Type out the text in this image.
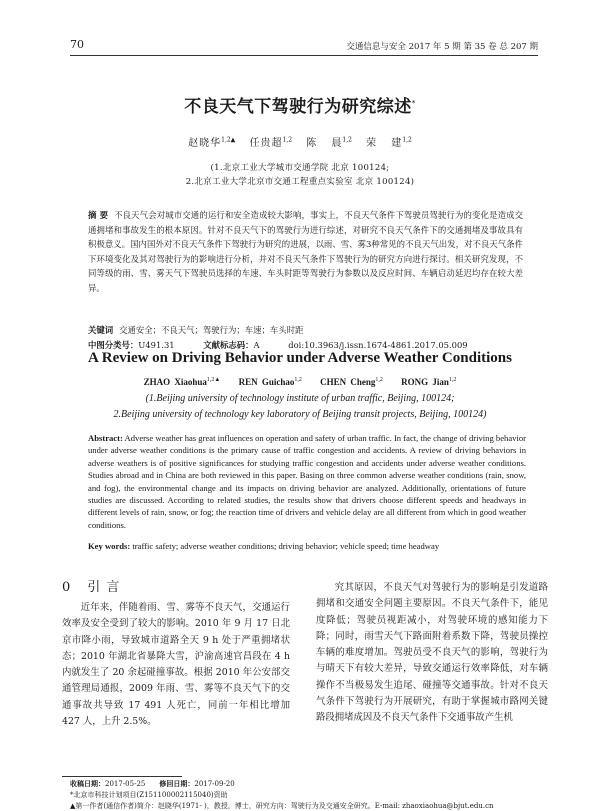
70	交通信息与安全 2017 年 5 期 第 35 卷 总 207 期
不良天气下驾驶行为研究综述*
赵晓华$^{1,2▲}$ 任贵超$^{1,2}$ 陈 晨$^{1,2}$ 荣 建$^{1,2}$
(1.北京工业大学城市交通学院 北京 100124;
2.北京工业大学北京市交通工程重点实验室 北京 100124)
摘 要 不良天气会对城市交通的运行和安全造成较大影响，事实上，不良天气条件下驾驶员驾驶行为的变化是造成交通拥堵和事故发生的根本原因。针对不良天气下的驾驶行为进行综述，对研究不良天气条件下的交通拥堵及事故具有积极意义。国内国外对不良天气条件下驾驶行为研究的进展，以雨、雪、雾3种常见的不良天气出发，对不良天气条件下环境变化及其对驾驶行为的影响进行分析，并对不良天气条件下驾驶行为的研究方向进行探讨。相关研究发现，不同等级的雨、雪、雾天气下驾驶员选择的车速、车头时距等驾驶行为参数以及反应时间、车辆启动延迟均存在较大差异。
关键词 交通安全；不良天气；驾驶行为；车速；车头时距
中图分类号：U491.31	文献标志码：A	doi:10.3963/j.issn.1674-4861.2017.05.009
A Review on Driving Behavior under Adverse Weather Conditions
ZHAO Xiaohua$^{1,2▲}$ REN Guichao$^{1,2}$ CHEN Cheng$^{1,2}$ RONG Jian$^{1,2}$
(1.Beijing university of technology institute of urban traffic, Beijing, 100124;
2.Beijing university of technology key laboratory of Beijing transit projects, Beijing, 100124)
Abstract: Adverse weather has great influences on operation and safety of urban traffic. In fact, the change of driving behavior under adverse weather conditions is the primary cause of traffic congestion and accidents. A review of driving behaviors in adverse weathers is of positive significances for studying traffic congestion and accidents under adverse weather conditions. Studies abroad and in China are both reviewed in this paper. Basing on three common adverse weather conditions (rain, snow, and fog), the environmental change and its impacts on driving behavior are analyzed. Additionally, orientations of future studies are discussed. According to related studies, the results show that drivers choose different speeds and headways in different levels of rain, snow, or fog; the reaction time of drivers and vehicle delay are all different from which in good weather conditions.
Key words: traffic safety; adverse weather conditions; driving behavior; vehicle speed; time headway
0 引 言
近年来，伴随着雨、雪、雾等不良天气，交通运行效率及安全受到了较大的影响。2010 年 9 月 17 日北京市降小雨，导致城市道路全天 9 h 处于严重拥堵状态；2010 年湖北省暴降大雪，沪渝高速官昌段在 4 h 内就发生了 20 余起碰撞事故。根据 2010 年公安部交通管理局通报，2009 年雨、雪、雾等不良天气下的交通事故共导致 17 491 人死亡，同前一年相比增加 427 人，上升 2.5%。
究其原因，不良天气对驾驶行为的影响是引发道路拥堵和交通安全问题主要原因。不良天气条件下，能见度降低；驾驶员视距减小，对驾驶环境的感知能力下降；同时，雨雪天气下路面附着系数下降，驾驶员操控车辆的难度增加。驾驶员受不良天气的影响，驾驶行为与晴天下有较大差异，导致交通运行效率降低，对车辆操作不当极易发生追尾、碰撞等交通事故。针对不良天气条件下驾驶行为开展研究，有助于掌握城市路网关键路段拥堵成因及不良天气条件下交通事故产生机
收稿日期：2017-05-25 修回日期：2017-09-20
*北京市科技计划项目(Z151100002115040)资助
▲第一作者(通信作者)简介：赵晓华(1971- )，教授，博士，研究方向：驾驶行为及交通安全研究。E-mail: zhaoxiaohua@bjut.edu.cn
